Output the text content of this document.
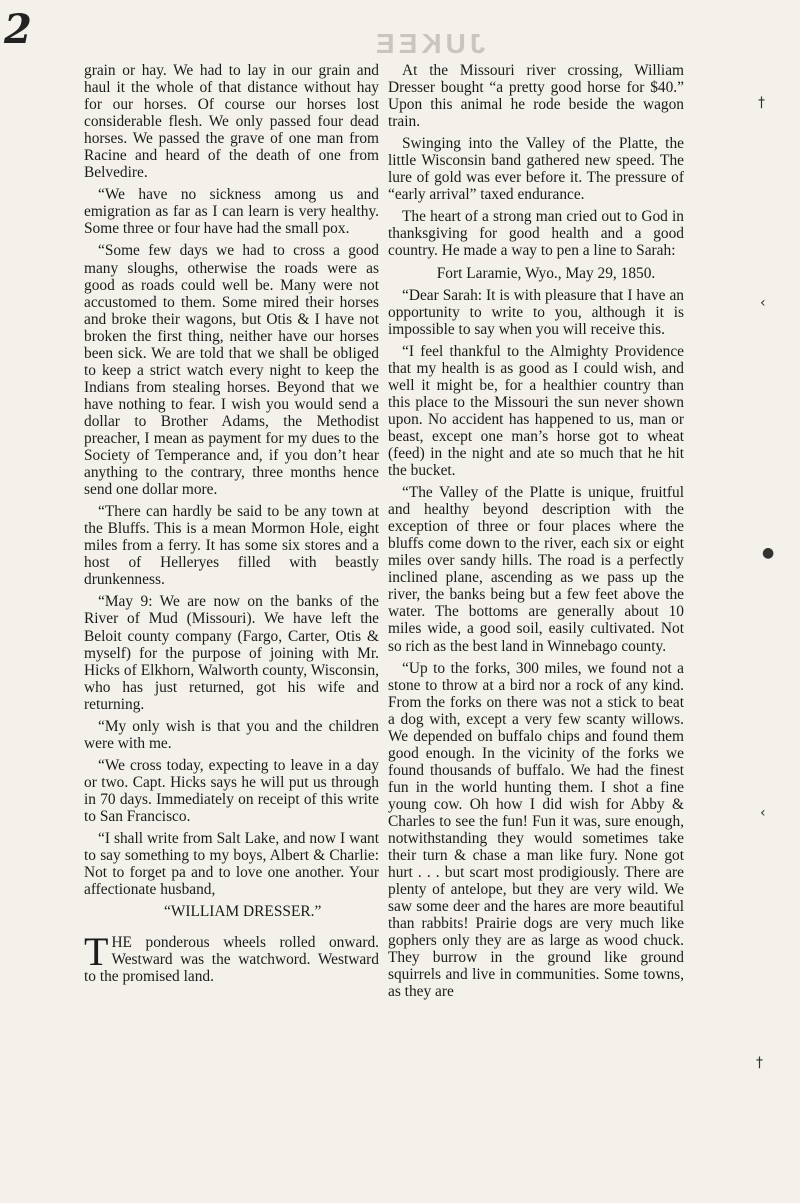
2	JUKEE

grain or hay. We had to lay in our grain and haul it the whole of that distance without hay for our horses. Of course our horses lost considerable flesh. We only passed four dead horses. We passed the grave of one man from Racine and heard of the death of one from Belvedire.

“We have no sickness among us and emigration as far as I can learn is very healthy. Some three or four have had the small pox.

“Some few days we had to cross a good many sloughs, otherwise the roads were as good as roads could well be. Many were not accustomed to them. Some mired their horses and broke their wagons, but Otis & I have not broken the first thing, neither have our horses been sick. We are told that we shall be obliged to keep a strict watch every night to keep the Indians from stealing horses. Beyond that we have nothing to fear. I wish you would send a dollar to Brother Adams, the Methodist preacher, I mean as payment for my dues to the Society of Temperance and, if you don’t hear anything to the contrary, three months hence send one dollar more.

“There can hardly be said to be any town at the Bluffs. This is a mean Mormon Hole, eight miles from a ferry. It has some six stores and a host of Helleryes filled with beastly drunkenness.

“May 9: We are now on the banks of the River of Mud (Missouri). We have left the Beloit county company (Fargo, Carter, Otis & myself) for the purpose of joining with Mr. Hicks of Elkhorn, Walworth county, Wisconsin, who has just returned, got his wife and returning.

“My only wish is that you and the children were with me.

“We cross today, expecting to leave in a day or two. Capt. Hicks says he will put us through in 70 days. Immediately on receipt of this write to San Francisco.

“I shall write from Salt Lake, and now I want to say something to my boys, Albert & Charlie: Not to forget pa and to love one another. Your affectionate husband,

“WILLIAM DRESSER.”

THE ponderous wheels rolled onward. Westward was the watchword. Westward to the promised land.

At the Missouri river crossing, William Dresser bought “a pretty good horse for $40.” Upon this animal he rode beside the wagon train.

Swinging into the Valley of the Platte, the little Wisconsin band gathered new speed. The lure of gold was ever before it. The pressure of “early arrival” taxed endurance.

The heart of a strong man cried out to God in thanksgiving for good health and a good country. He made a way to pen a line to Sarah:

Fort Laramie, Wyo., May 29, 1850.

“Dear Sarah: It is with pleasure that I have an opportunity to write to you, although it is impossible to say when you will receive this.

“I feel thankful to the Almighty Providence that my health is as good as I could wish, and well it might be, for a healthier country than this place to the Missouri the sun never shown upon. No accident has happened to us, man or beast, except one man’s horse got to wheat (feed) in the night and ate so much that he hit the bucket.

“The Valley of the Platte is unique, fruitful and healthy beyond description with the exception of three or four places where the bluffs come down to the river, each six or eight miles over sandy hills. The road is a perfectly inclined plane, ascending as we pass up the river, the banks being but a few feet above the water. The bottoms are generally about 10 miles wide, a good soil, easily cultivated. Not so rich as the best land in Winnebago county.

“Up to the forks, 300 miles, we found not a stone to throw at a bird nor a rock of any kind. From the forks on there was not a stick to beat a dog with, except a very few scanty willows. We depended on buffalo chips and found them good enough. In the vicinity of the forks we found thousands of buffalo. We had the finest fun in the world hunting them. I shot a fine young cow. Oh how I did wish for Abby & Charles to see the fun! Fun it was, sure enough, notwithstanding they would sometimes take their turn & chase a man like fury. None got hurt . . . but scart most prodigiously. There are plenty of antelope, but they are very wild. We saw some deer and the hares are more beautiful than rabbits! Prairie dogs are very much like gophers only they are as large as wood chuck. They burrow in the ground like ground squirrels and live in communities. Some towns, as they are

†
‹
●
‹
†
